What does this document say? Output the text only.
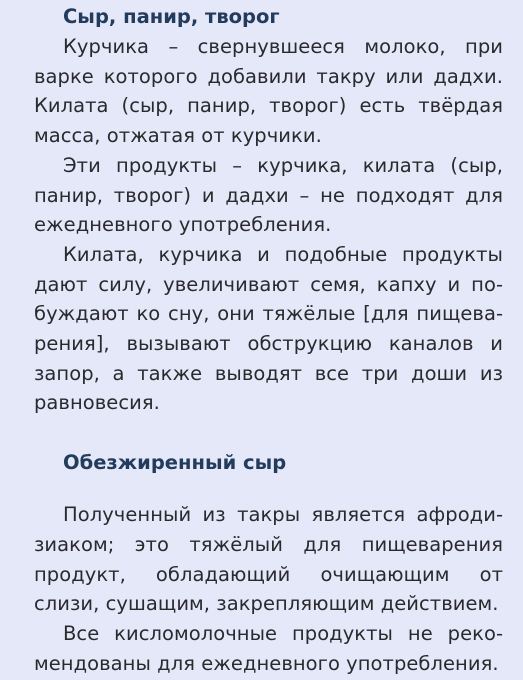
Сыр, панир, творог

Курчика – свернувшееся молоко, при варке которого добавили такру или дадхи. Килата (сыр, панир, творог) есть твёрдая масса, отжатая от курчики.

Эти продукты – курчика, килата (сыр, панир, творог) и дадхи – не подходят для ежедневного употребления.

Килата, курчика и подобные продукты дают силу, увеличивают семя, капху и побуждают ко сну, они тяжёлые [для пищеварения], вызывают обструкцию каналов и запор, а также выводят все три доши из равновесия.

Обезжиренный сыр

Полученный из такры является афродизиаком; это тяжёлый для пищеварения продукт, обладающий очищающим от слизи, сушащим, закрепляющим действием.

Все кисломолочные продукты не рекомендованы для ежедневного употребления.
